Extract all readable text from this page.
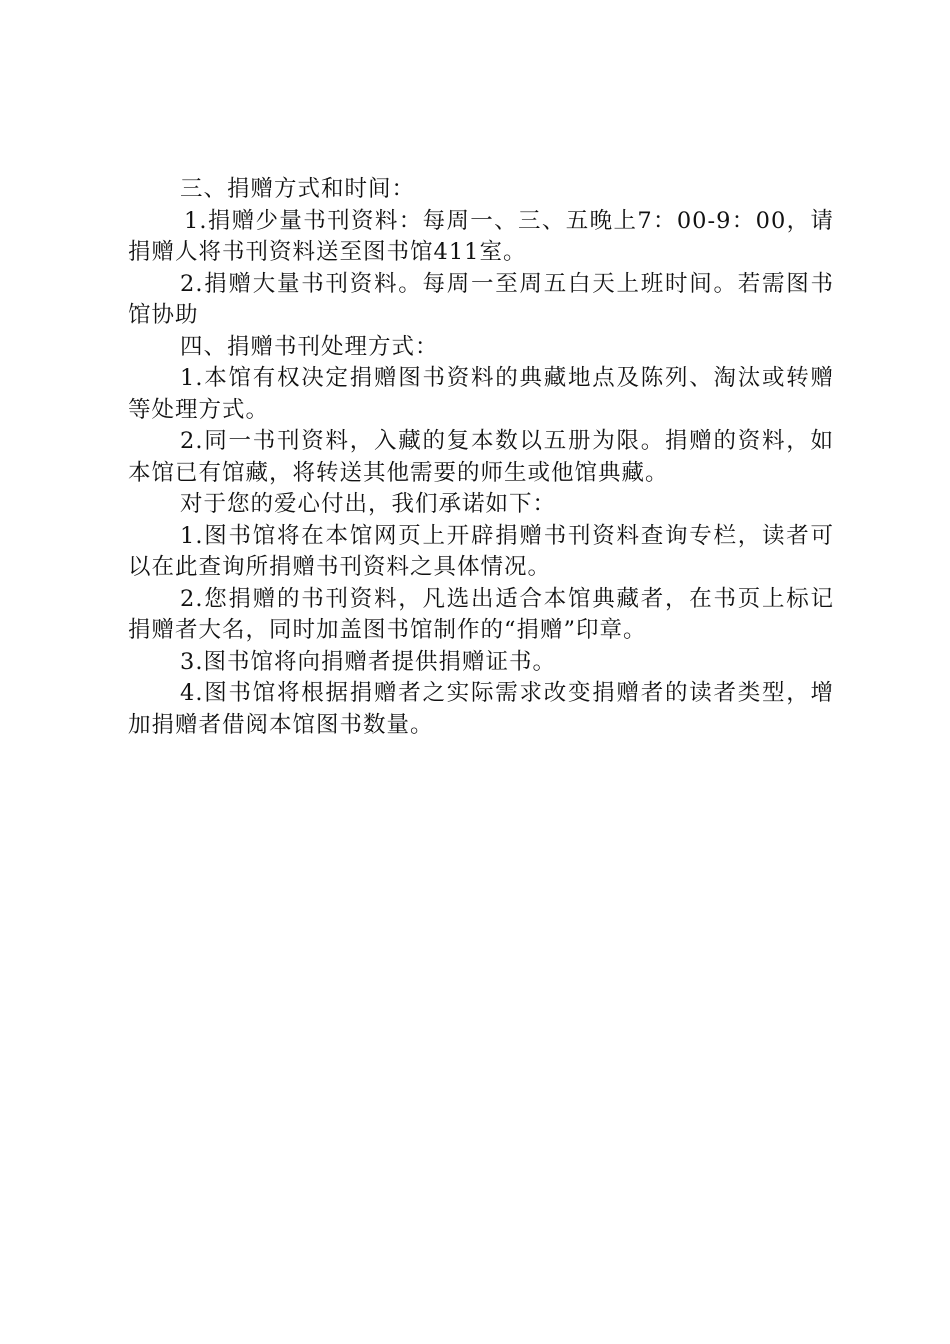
三、捐赠方式和时间：

1.捐赠少量书刊资料：每周一、三、五晚上7：00-9：00，请捐赠人将书刊资料送至图书馆411室。

2.捐赠大量书刊资料。每周一至周五白天上班时间。若需图书馆协助

四、捐赠书刊处理方式：

1.本馆有权决定捐赠图书资料的典藏地点及陈列、淘汰或转赠等处理方式。

2.同一书刊资料，入藏的复本数以五册为限。捐赠的资料，如本馆已有馆藏，将转送其他需要的师生或他馆典藏。

对于您的爱心付出，我们承诺如下：

1.图书馆将在本馆网页上开辟捐赠书刊资料查询专栏，读者可以在此查询所捐赠书刊资料之具体情况。

2.您捐赠的书刊资料，凡选出适合本馆典藏者，在书页上标记捐赠者大名，同时加盖图书馆制作的“捐赠”印章。

3.图书馆将向捐赠者提供捐赠证书。

4.图书馆将根据捐赠者之实际需求改变捐赠者的读者类型，增加捐赠者借阅本馆图书数量。
